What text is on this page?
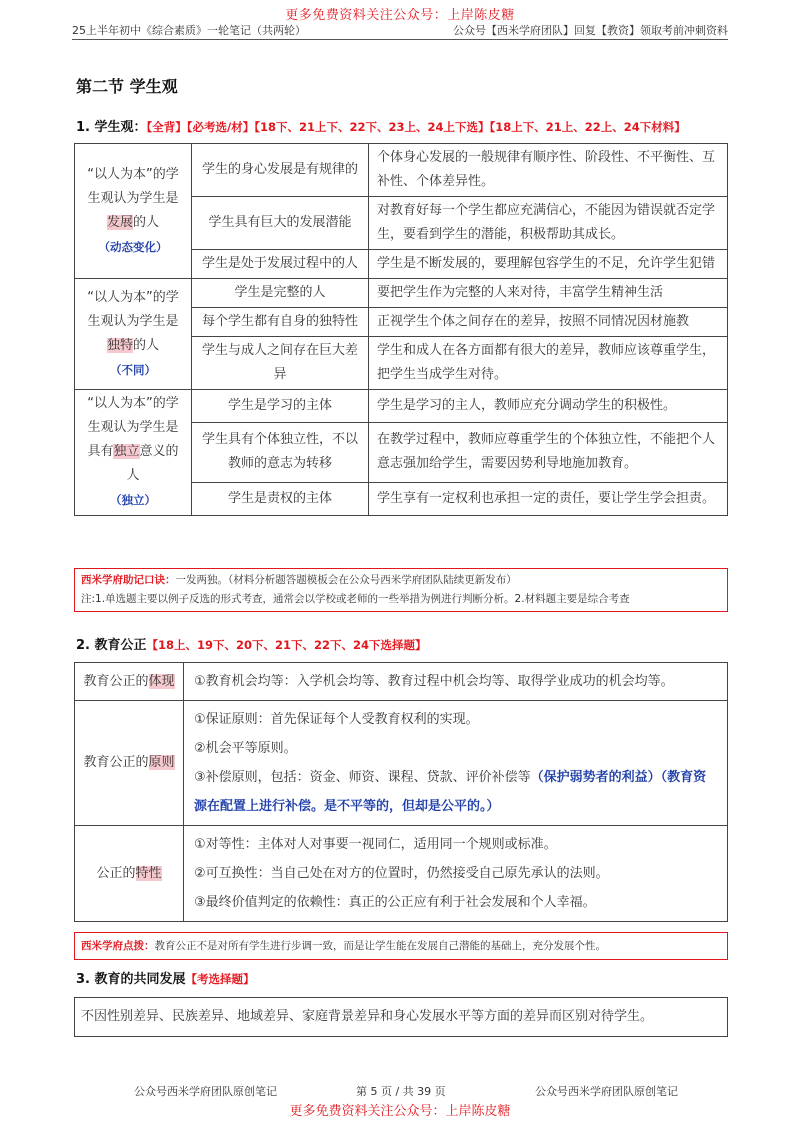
更多免费资料关注公众号：上岸陈皮糖
25上半年初中《综合素质》一轮笔记（共两轮）	公众号【西米学府团队】回复【教资】领取考前冲刺资料
第二节 学生观
1. 学生观：【全背】【必考选/材】【18下、21上下、22下、23上、24上下选】【18上下、21上、22上、24下材料】
“以人为本”的学生观认为学生是发展的人
（动态变化）	学生的身心发展是有规律的	个体身心发展的一般规律有顺序性、阶段性、不平衡性、互补性、个体差异性。
	学生具有巨大的发展潜能	对教育好每一个学生都应充满信心，不能因为错误就否定学生，要看到学生的潜能，积极帮助其成长。
	学生是处于发展过程中的人	学生是不断发展的，要理解包容学生的不足，允许学生犯错
“以人为本”的学生观认为学生是独特的人
（不同）	学生是完整的人	要把学生作为完整的人来对待，丰富学生精神生活
	每个学生都有自身的独特性	正视学生个体之间存在的差异，按照不同情况因材施教
	学生与成人之间存在巨大差异	学生和成人在各方面都有很大的差异，教师应该尊重学生，把学生当成学生对待。
“以人为本”的学生观认为学生是具有独立意义的人
（独立）	学生是学习的主体	学生是学习的主人，教师应充分调动学生的积极性。
	学生具有个体独立性，不以教师的意志为转移	在教学过程中，教师应尊重学生的个体独立性，不能把个人意志强加给学生，需要因势利导地施加教育。
	学生是责权的主体	学生享有一定权利也承担一定的责任，要让学生学会担责。
西米学府助记口诀：一发两独。（材料分析题答题模板会在公众号西米学府团队陆续更新发布）
注:1.单选题主要以例子反选的形式考查，通常会以学校或老师的一些举措为例进行判断分析。2.材料题主要是综合考查
2. 教育公正【18上、19下、20下、21下、22下、24下选择题】
教育公正的体现	①教育机会均等：入学机会均等、教育过程中机会均等、取得学业成功的机会均等。

教育公正的原则	①保证原则：首先保证每个人受教育权利的实现。
②机会平等原则。
③补偿原则，包括：资金、师资、课程、贷款、评价补偿等（保护弱势者的利益）（教育资源在配置上进行补偿。是不平等的，但却是公平的。）

公正的特性	①对等性：主体对人对事要一视同仁，适用同一个规则或标准。
②可互换性：当自己处在对方的位置时，仍然接受自己原先承认的法则。
③最终价值判定的依赖性：真正的公正应有利于社会发展和个人幸福。
西米学府点拨：教育公正不是对所有学生进行步调一致，而是让学生能在发展自己潜能的基础上，充分发展个性。
3. 教育的共同发展【考选择题】
不因性别差异、民族差异、地域差异、家庭背景差异和身心发展水平等方面的差异而区别对待学生。
公众号西米学府团队原创笔记	第 5 页 / 共 39 页	公众号西米学府团队原创笔记
更多免费资料关注公众号：上岸陈皮糖
